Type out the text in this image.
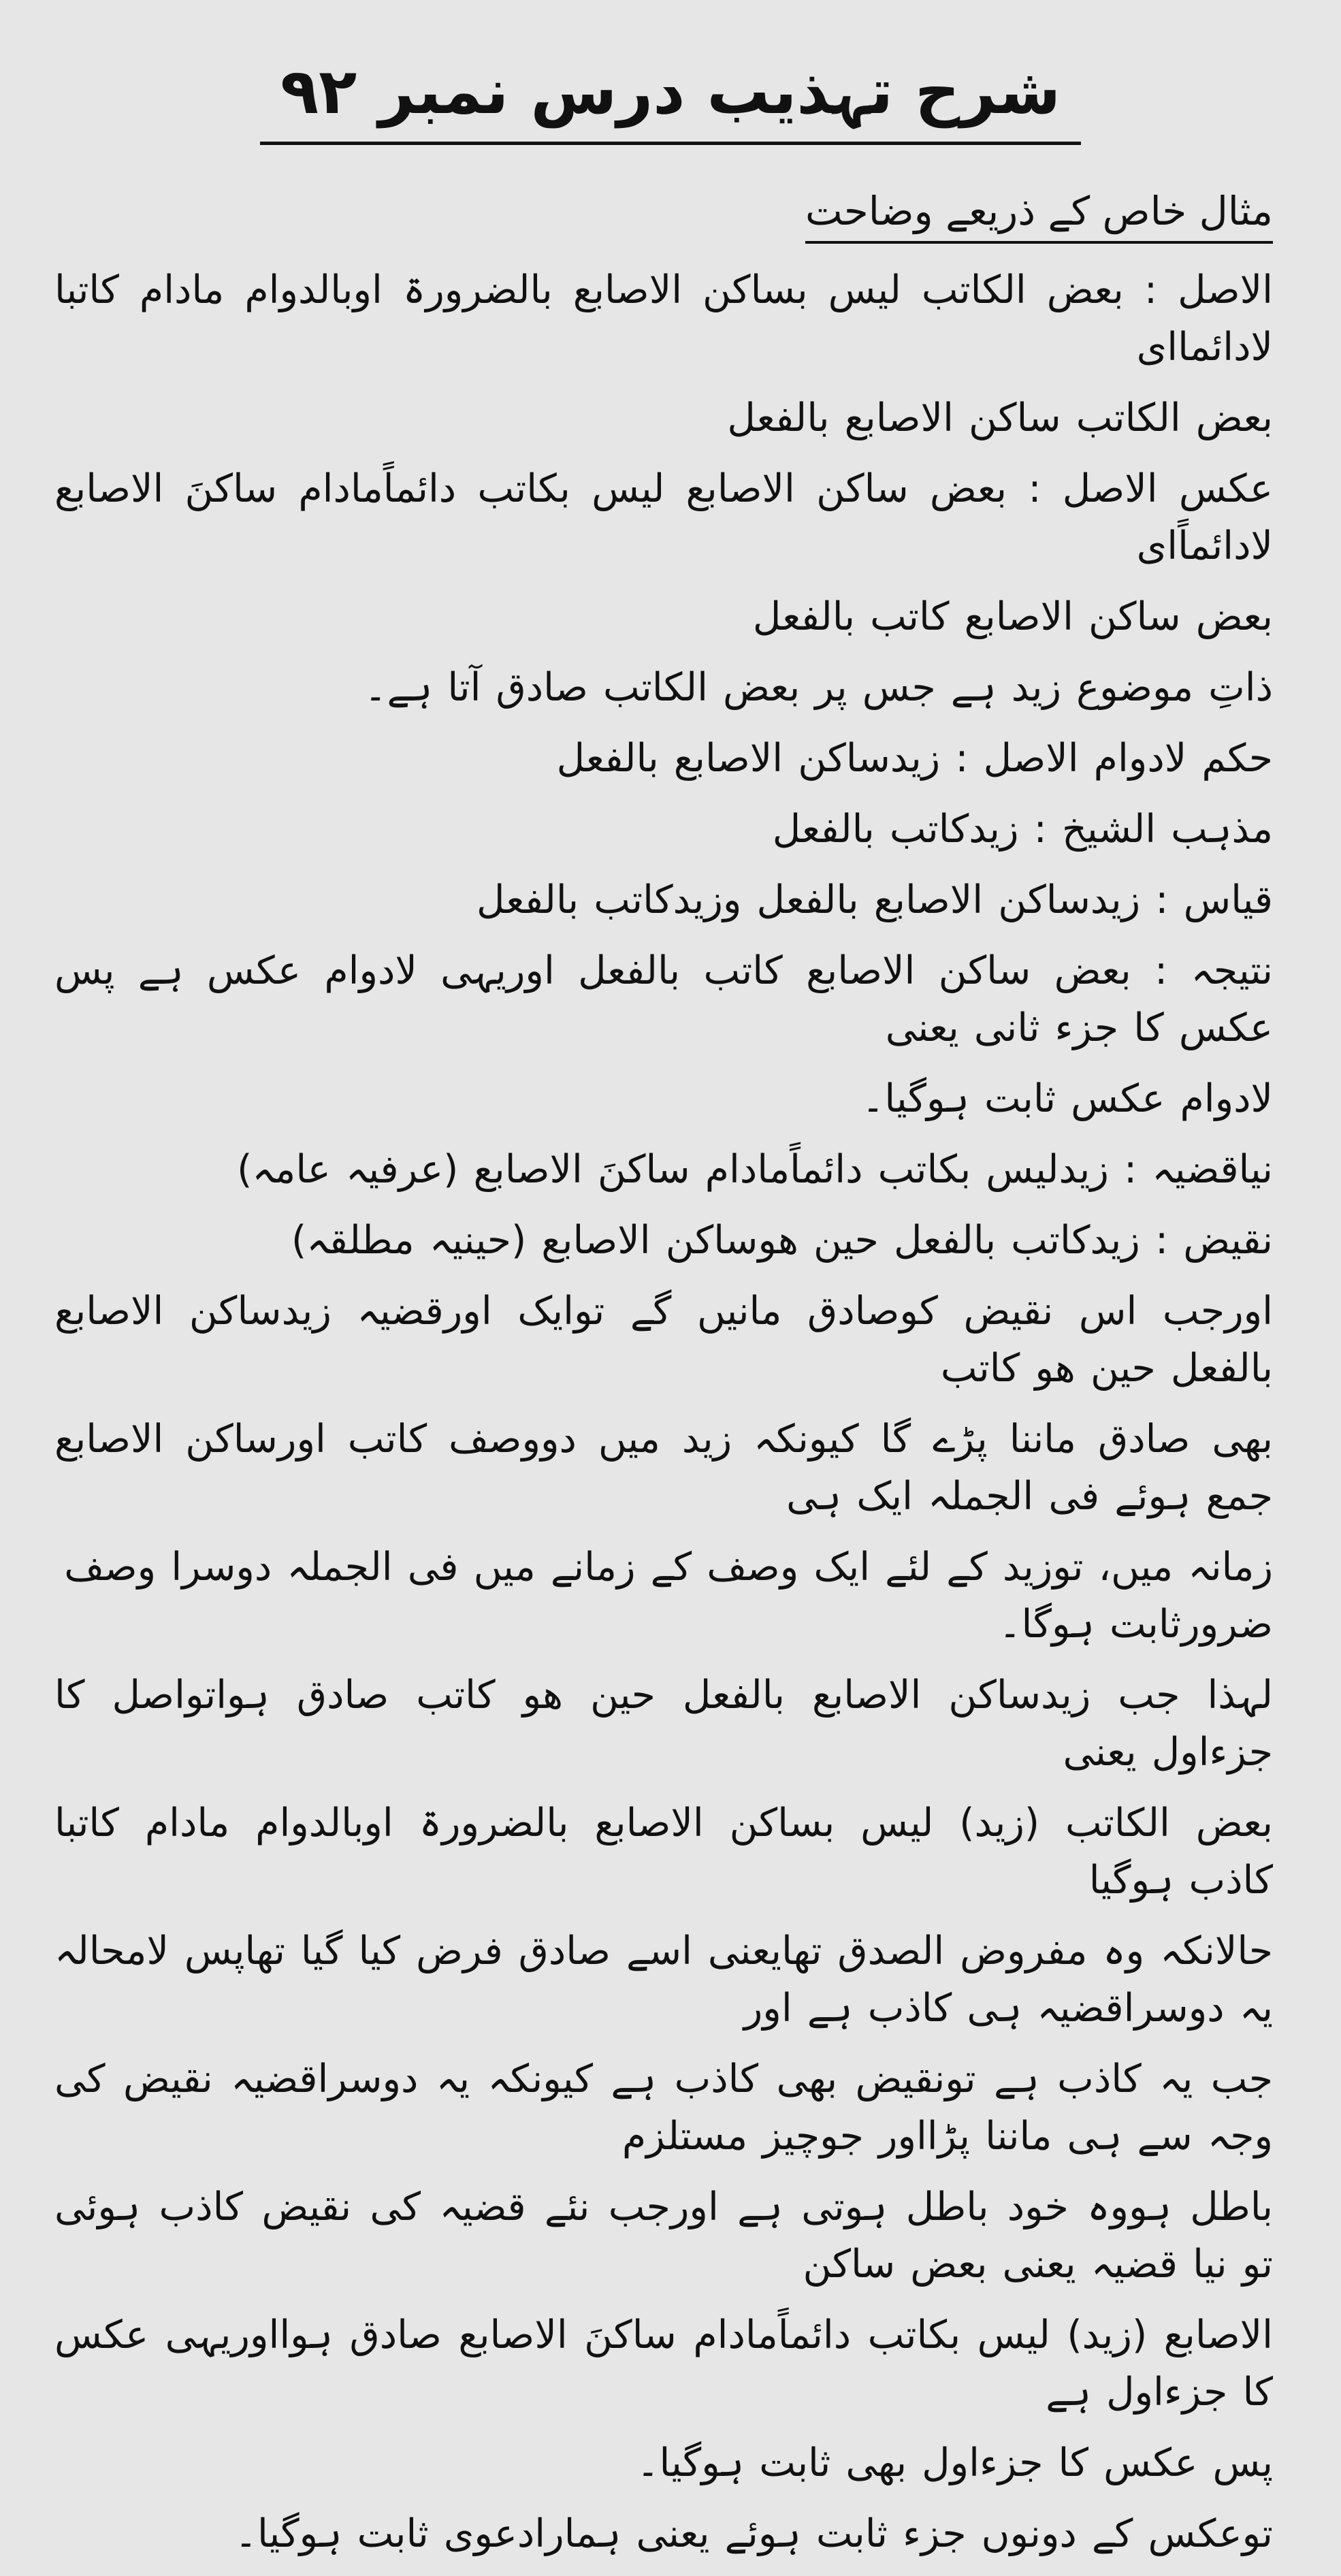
شرح تہذیب درس نمبر ۹۲
مثال خاص کے ذریعے وضاحت

الاصل : بعض الکاتب لیس بساکن الاصابع بالضرورۃ اوبالدوام مادام کاتبا لادائماای

بعض الکاتب ساکن الاصابع بالفعل

عکس الاصل : بعض ساکن الاصابع لیس بکاتب دائماًمادام ساکنَ الاصابع لادائماًای

بعض ساکن الاصابع کاتب بالفعل

ذاتِ موضوع زید ہے جس پر بعض الکاتب صادق آتا ہے۔

حکم لادوام الاصل : زیدساکن الاصابع بالفعل

مذہب الشیخ : زیدکاتب بالفعل

قیاس : زیدساکن الاصابع بالفعل وزیدکاتب بالفعل

نتیجہ : بعض ساکن الاصابع کاتب بالفعل اوریہی لادوام عکس ہے پس عکس کا جزء ثانی یعنی

لادوام عکس ثابت ہوگیا۔

نیاقضیہ : زیدلیس بکاتب دائماًمادام ساکنَ الاصابع (عرفیہ عامہ)

نقیض : زیدکاتب بالفعل حین ھوساکن الاصابع (حینیہ مطلقہ)

اورجب اس نقیض کوصادق مانیں گے توایک اورقضیہ زیدساکن الاصابع بالفعل حین ھو کاتب

بھی صادق ماننا پڑے گا کیونکہ زید میں دووصف کاتب اورساکن الاصابع جمع ہوئے فی الجملہ ایک ہی

زمانہ میں، توزید کے لئے ایک وصف کے زمانے میں فی الجملہ دوسرا وصف ضرورثابت ہوگا۔

لہذا جب زیدساکن الاصابع بالفعل حین ھو کاتب صادق ہواتواصل کا جزءاول یعنی

بعض الکاتب (زید) لیس بساکن الاصابع بالضرورۃ اوبالدوام مادام کاتبا کاذب ہوگیا

حالانکہ وہ مفروض الصدق تھایعنی اسے صادق فرض کیا گیا تھاپس لامحالہ یہ دوسراقضیہ ہی کاذب ہے اور

جب یہ کاذب ہے تونقیض بھی کاذب ہے کیونکہ یہ دوسراقضیہ نقیض کی وجہ سے ہی ماننا پڑااور جوچیز مستلزم

باطل ہووہ خود باطل ہوتی ہے اورجب نئے قضیہ کی نقیض کاذب ہوئی تو نیا قضیہ یعنی بعض ساکن

الاصابع (زید) لیس بکاتب دائماًمادام ساکنَ الاصابع صادق ہوااوریہی عکس کا جزءاول ہے

پس عکس کا جزءاول بھی ثابت ہوگیا۔

توعکس کے دونوں جزء ثابت ہوئے یعنی ہمارادعوی ثابت ہوگیا۔
